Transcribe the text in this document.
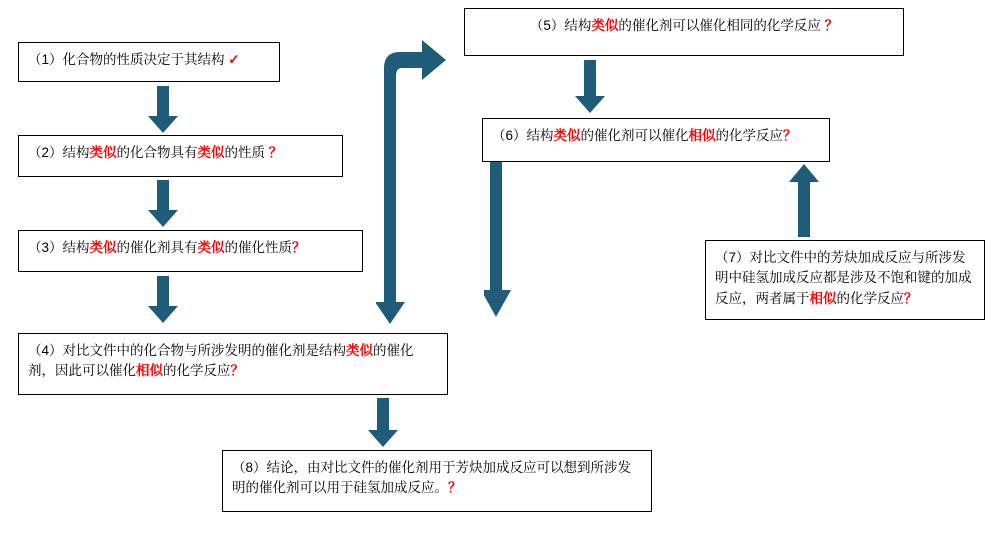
（1）化合物的性质决定于其结构 ✓
（2）结构类似的化合物具有类似的性质 ？
（3）结构类似的催化剂具有类似的催化性质？
（4）对比文件中的化合物与所涉发明的催化剂是结构类似的催化剂，因此可以催化相似的化学反应？
（8）结论，由对比文件的催化剂用于芳炔加成反应可以想到所涉发明的催化剂可以用于硅氢加成反应。？
（5）结构类似的催化剂可以催化相同的化学反应 ？
（6）结构类似的催化剂可以催化相似的化学反应？
（7）对比文件中的芳炔加成反应与所涉发明中硅氢加成反应都是涉及不饱和键的加成反应，两者属于相似的化学反应？
